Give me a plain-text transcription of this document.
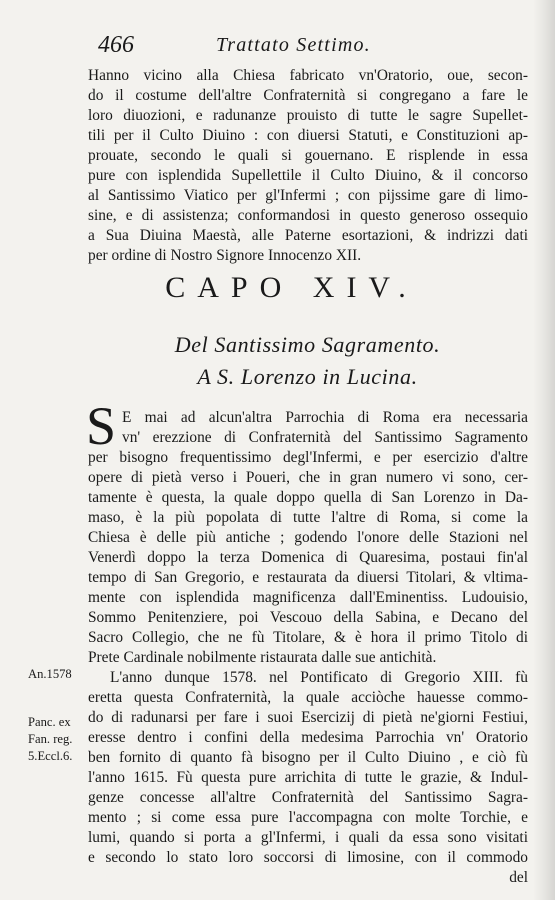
466	Trattato Settimo.
Hanno vicino alla Chiesa fabricato vn'Oratorio, oue, secon-
do il costume dell'altre Confraternità si congregano a fare le
loro diuozioni, e radunanze prouisto di tutte le sagre Supellet-
tili per il Culto Diuino : con diuersi Statuti, e Constituzioni ap-
prouate, secondo le quali si gouernano. E risplende in essa
pure con isplendida Supellettile il Culto Diuino, & il concorso
al Santissimo Viatico per gl'Infermi ; con pijssime gare di limo-
sine, e di assistenza; conformandosi in questo generoso ossequio
a Sua Diuina Maestà, alle Paterne esortazioni, & indrizzi dati
per ordine di Nostro Signore Innocenzo XII.
CAPO XIV.
Del Santissimo Sagramento.
A S. Lorenzo in Lucina.
S E mai ad alcun'altra Parrochia di Roma era necessaria
vn' erezzione di Confraternità del Santissimo Sagramento
per bisogno frequentissimo degl'Infermi, e per esercizio d'altre
opere di pietà verso i Poueri, che in gran numero vi sono, cer-
tamente è questa, la quale doppo quella di San Lorenzo in Da-
maso, è la più popolata di tutte l'altre di Roma, si come la
Chiesa è delle più antiche ; godendo l'onore delle Stazioni nel
Venerdì doppo la terza Domenica di Quaresima, postaui fin'al
tempo di San Gregorio, e restaurata da diuersi Titolari, & vltima-
mente con isplendida magnificenza dall'Eminentiss. Ludouisio,
Sommo Penitenziere, poi Vescouo della Sabina, e Decano del
Sacro Collegio, che ne fù Titolare, & è hora il primo Titolo di
Prete Cardinale nobilmente ristaurata dalle sue antichità.
L'anno dunque 1578. nel Pontificato di Gregorio XIII. fù
eretta questa Confraternità, la quale acciòche hauesse commo-
do di radunarsi per fare i suoi Esercizij di pietà ne'giorni Festiui,
eresse dentro i confini della medesima Parrochia vn' Oratorio
ben fornito di quanto fà bisogno per il Culto Diuino , e ciò fù
l'anno 1615. Fù questa pure arrichita di tutte le grazie, & Indul-
genze concesse all'altre Confraternità del Santissimo Sagra-
mento ; si come essa pure l'accompagna con molte Torchie, e
lumi, quando si porta a gl'Infermi, i quali da essa sono visitati
e secondo lo stato loro soccorsi di limosine, con il commodo
del
An.1578
Panc. ex
Fan. reg.
5.Eccl.6.
